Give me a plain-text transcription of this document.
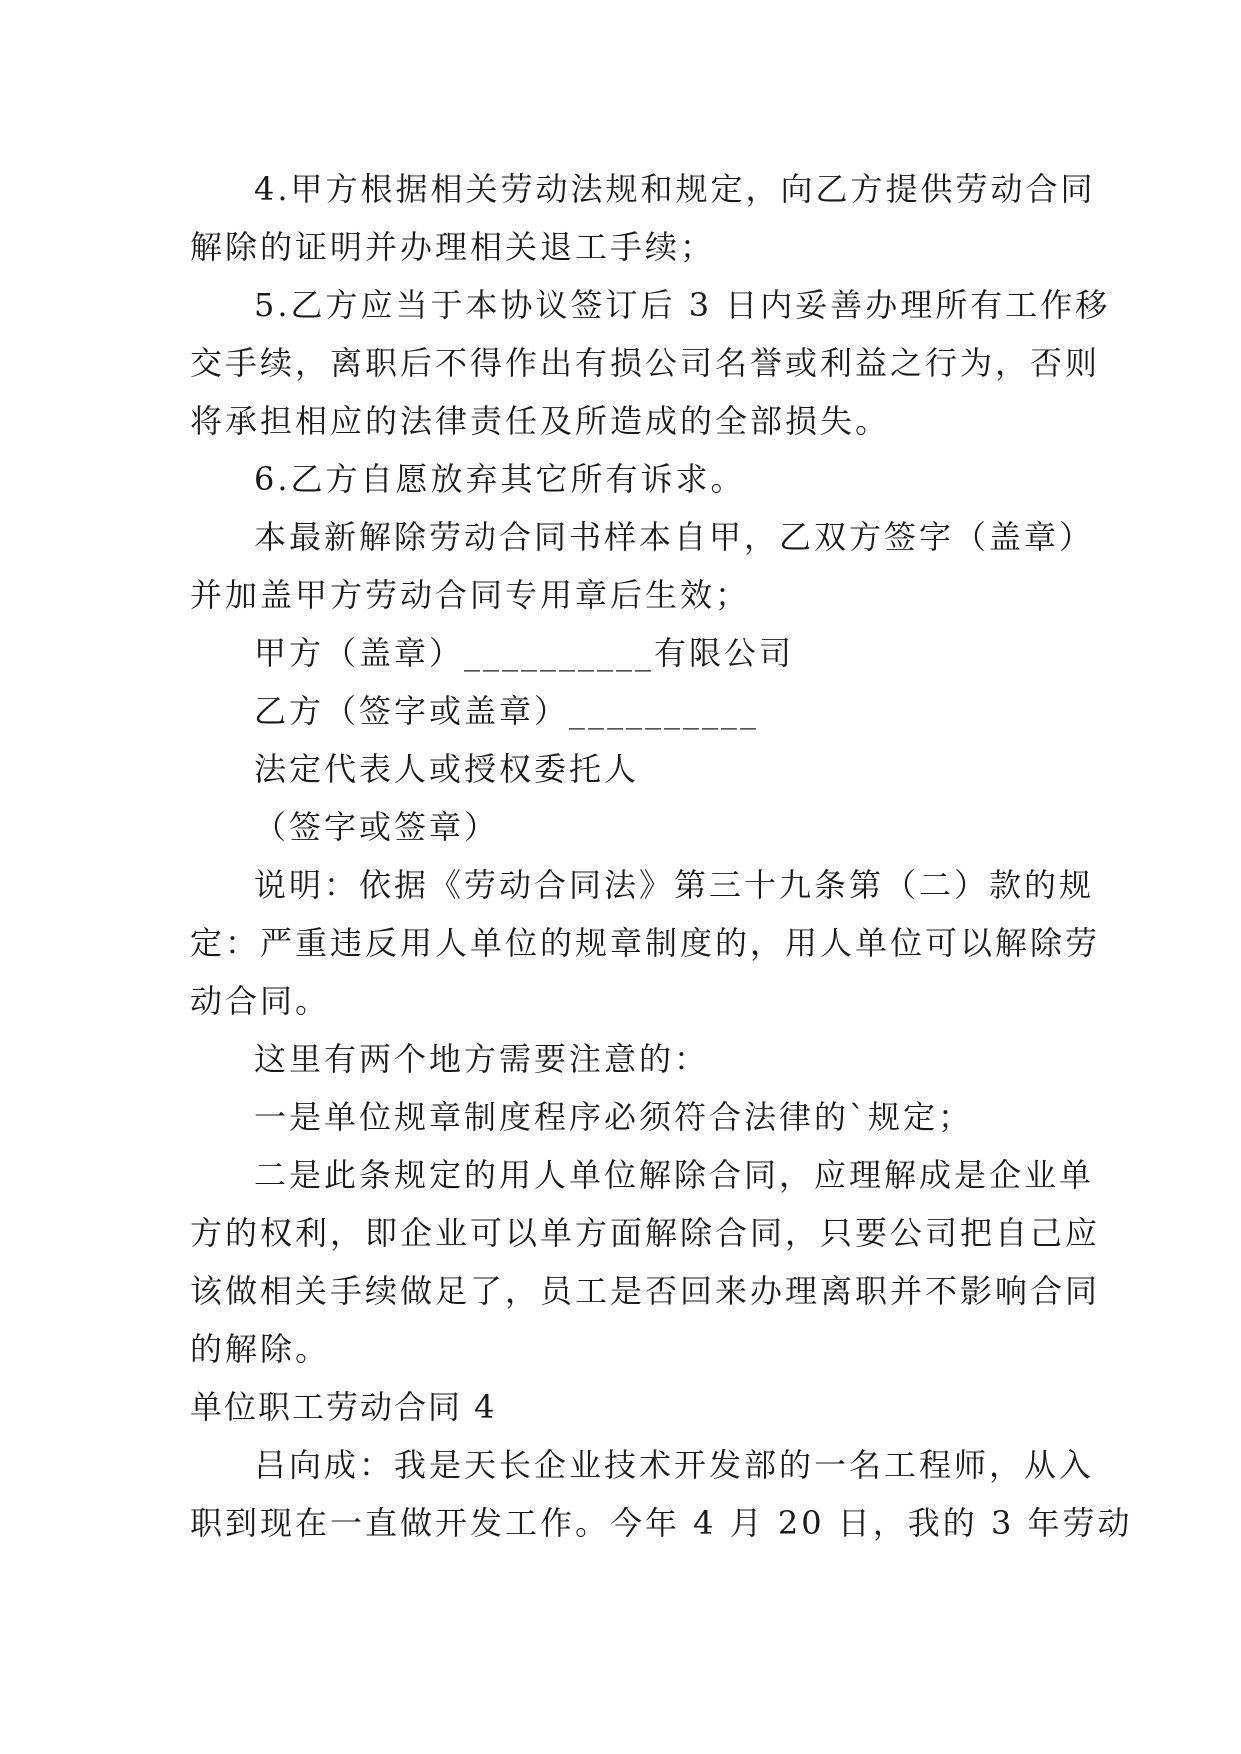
4.甲方根据相关劳动法规和规定，向乙方提供劳动合同
解除的证明并办理相关退工手续；
5.乙方应当于本协议签订后 3 日内妥善办理所有工作移
交手续，离职后不得作出有损公司名誉或利益之行为，否则
将承担相应的法律责任及所造成的全部损失。
6.乙方自愿放弃其它所有诉求。
本最新解除劳动合同书样本自甲，乙双方签字（盖章）
并加盖甲方劳动合同专用章后生效；
甲方（盖章）__________有限公司
乙方（签字或盖章）__________
法定代表人或授权委托人
（签字或签章）
说明：依据《劳动合同法》第三十九条第（二）款的规
定：严重违反用人单位的规章制度的，用人单位可以解除劳
动合同。
这里有两个地方需要注意的：
一是单位规章制度程序必须符合法律的`规定；
二是此条规定的用人单位解除合同，应理解成是企业单
方的权利，即企业可以单方面解除合同，只要公司把自己应
该做相关手续做足了，员工是否回来办理离职并不影响合同
的解除。
单位职工劳动合同 4
吕向成：我是天长企业技术开发部的一名工程师，从入
职到现在一直做开发工作。今年 4 月 20 日，我的 3 年劳动
